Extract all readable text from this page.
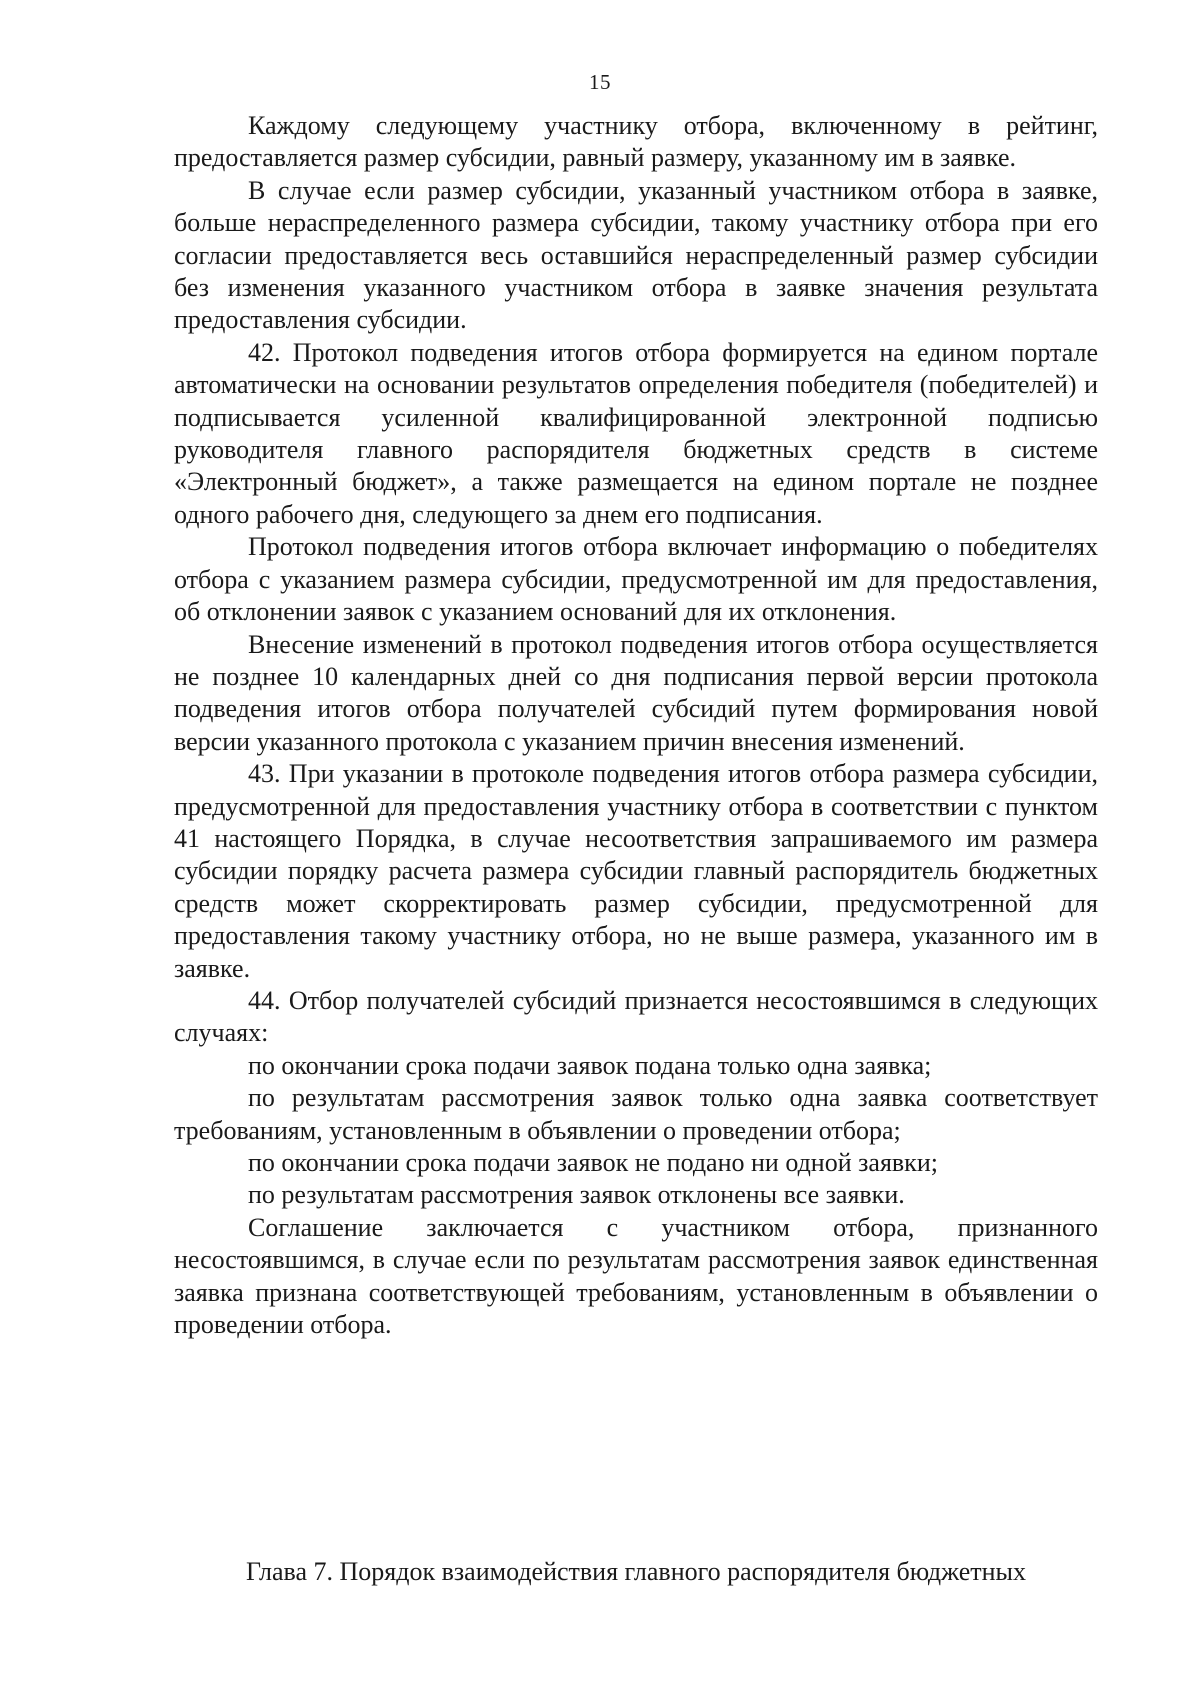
15

Каждому следующему участнику отбора, включенному в рейтинг, предоставляется размер субсидии, равный размеру, указанному им в заявке.

В случае если размер субсидии, указанный участником отбора в заявке, больше нераспределенного размера субсидии, такому участнику отбора при его согласии предоставляется весь оставшийся нераспределенный размер субсидии без изменения указанного участником отбора в заявке значения результата предоставления субсидии.

42. Протокол подведения итогов отбора формируется на едином портале автоматически на основании результатов определения победителя (победителей) и подписывается усиленной квалифицированной электронной подписью руководителя главного распорядителя бюджетных средств в системе «Электронный бюджет», а также размещается на едином портале не позднее одного рабочего дня, следующего за днем его подписания.

Протокол подведения итогов отбора включает информацию о победителях отбора с указанием размера субсидии, предусмотренной им для предоставления, об отклонении заявок с указанием оснований для их отклонения.

Внесение изменений в протокол подведения итогов отбора осуществляется не позднее 10 календарных дней со дня подписания первой версии протокола подведения итогов отбора получателей субсидий путем формирования новой версии указанного протокола с указанием причин внесения изменений.

43. При указании в протоколе подведения итогов отбора размера субсидии, предусмотренной для предоставления участнику отбора в соответствии с пунктом 41 настоящего Порядка, в случае несоответствия запрашиваемого им размера субсидии порядку расчета размера субсидии главный распорядитель бюджетных средств может скорректировать размер субсидии, предусмотренной для предоставления такому участнику отбора, но не выше размера, указанного им в заявке.

44. Отбор получателей субсидий признается несостоявшимся в следующих случаях:

по окончании срока подачи заявок подана только одна заявка;

по результатам рассмотрения заявок только одна заявка соответствует требованиям, установленным в объявлении о проведении отбора;

по окончании срока подачи заявок не подано ни одной заявки;

по результатам рассмотрения заявок отклонены все заявки.

Соглашение заключается с участником отбора, признанного несостоявшимся, в случае если по результатам рассмотрения заявок единственная заявка признана соответствующей требованиям, установленным в объявлении о проведении отбора.

Глава 7. Порядок взаимодействия главного распорядителя бюджетных
